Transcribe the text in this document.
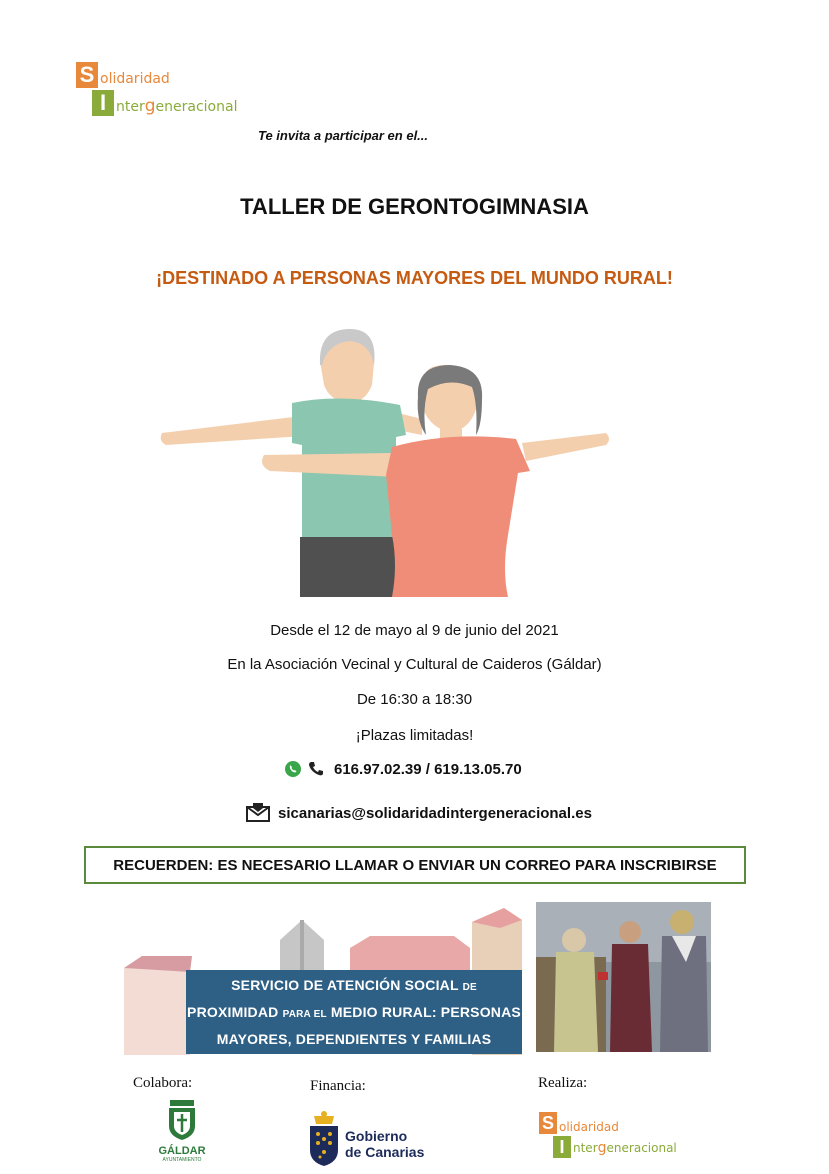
S olidaridad
I ntergeneracional
Te invita a participar en el...
TALLER DE GERONTOGIMNASIA
¡DESTINADO A PERSONAS MAYORES DEL MUNDO RURAL!
Desde el 12 de mayo al 9 de junio del 2021
En la Asociación Vecinal y Cultural de Caideros (Gáldar)
De 16:30 a 18:30
¡Plazas limitadas!
616.97.02.39 / 619.13.05.70
sicanarias@solidaridadintergeneracional.es
RECUERDEN: ES NECESARIO LLAMAR O ENVIAR UN CORREO PARA INSCRIBIRSE
SERVICIO DE ATENCIÓN SOCIAL DE
PROXIMIDAD PARA EL MEDIO RURAL: PERSONAS
MAYORES, DEPENDIENTES Y FAMILIAS
Colabora:	Financia:	Realiza:
GÁLDAR
AYUNTAMIENTO
Gobierno
de Canarias
S olidaridad
I ntergeneracional
